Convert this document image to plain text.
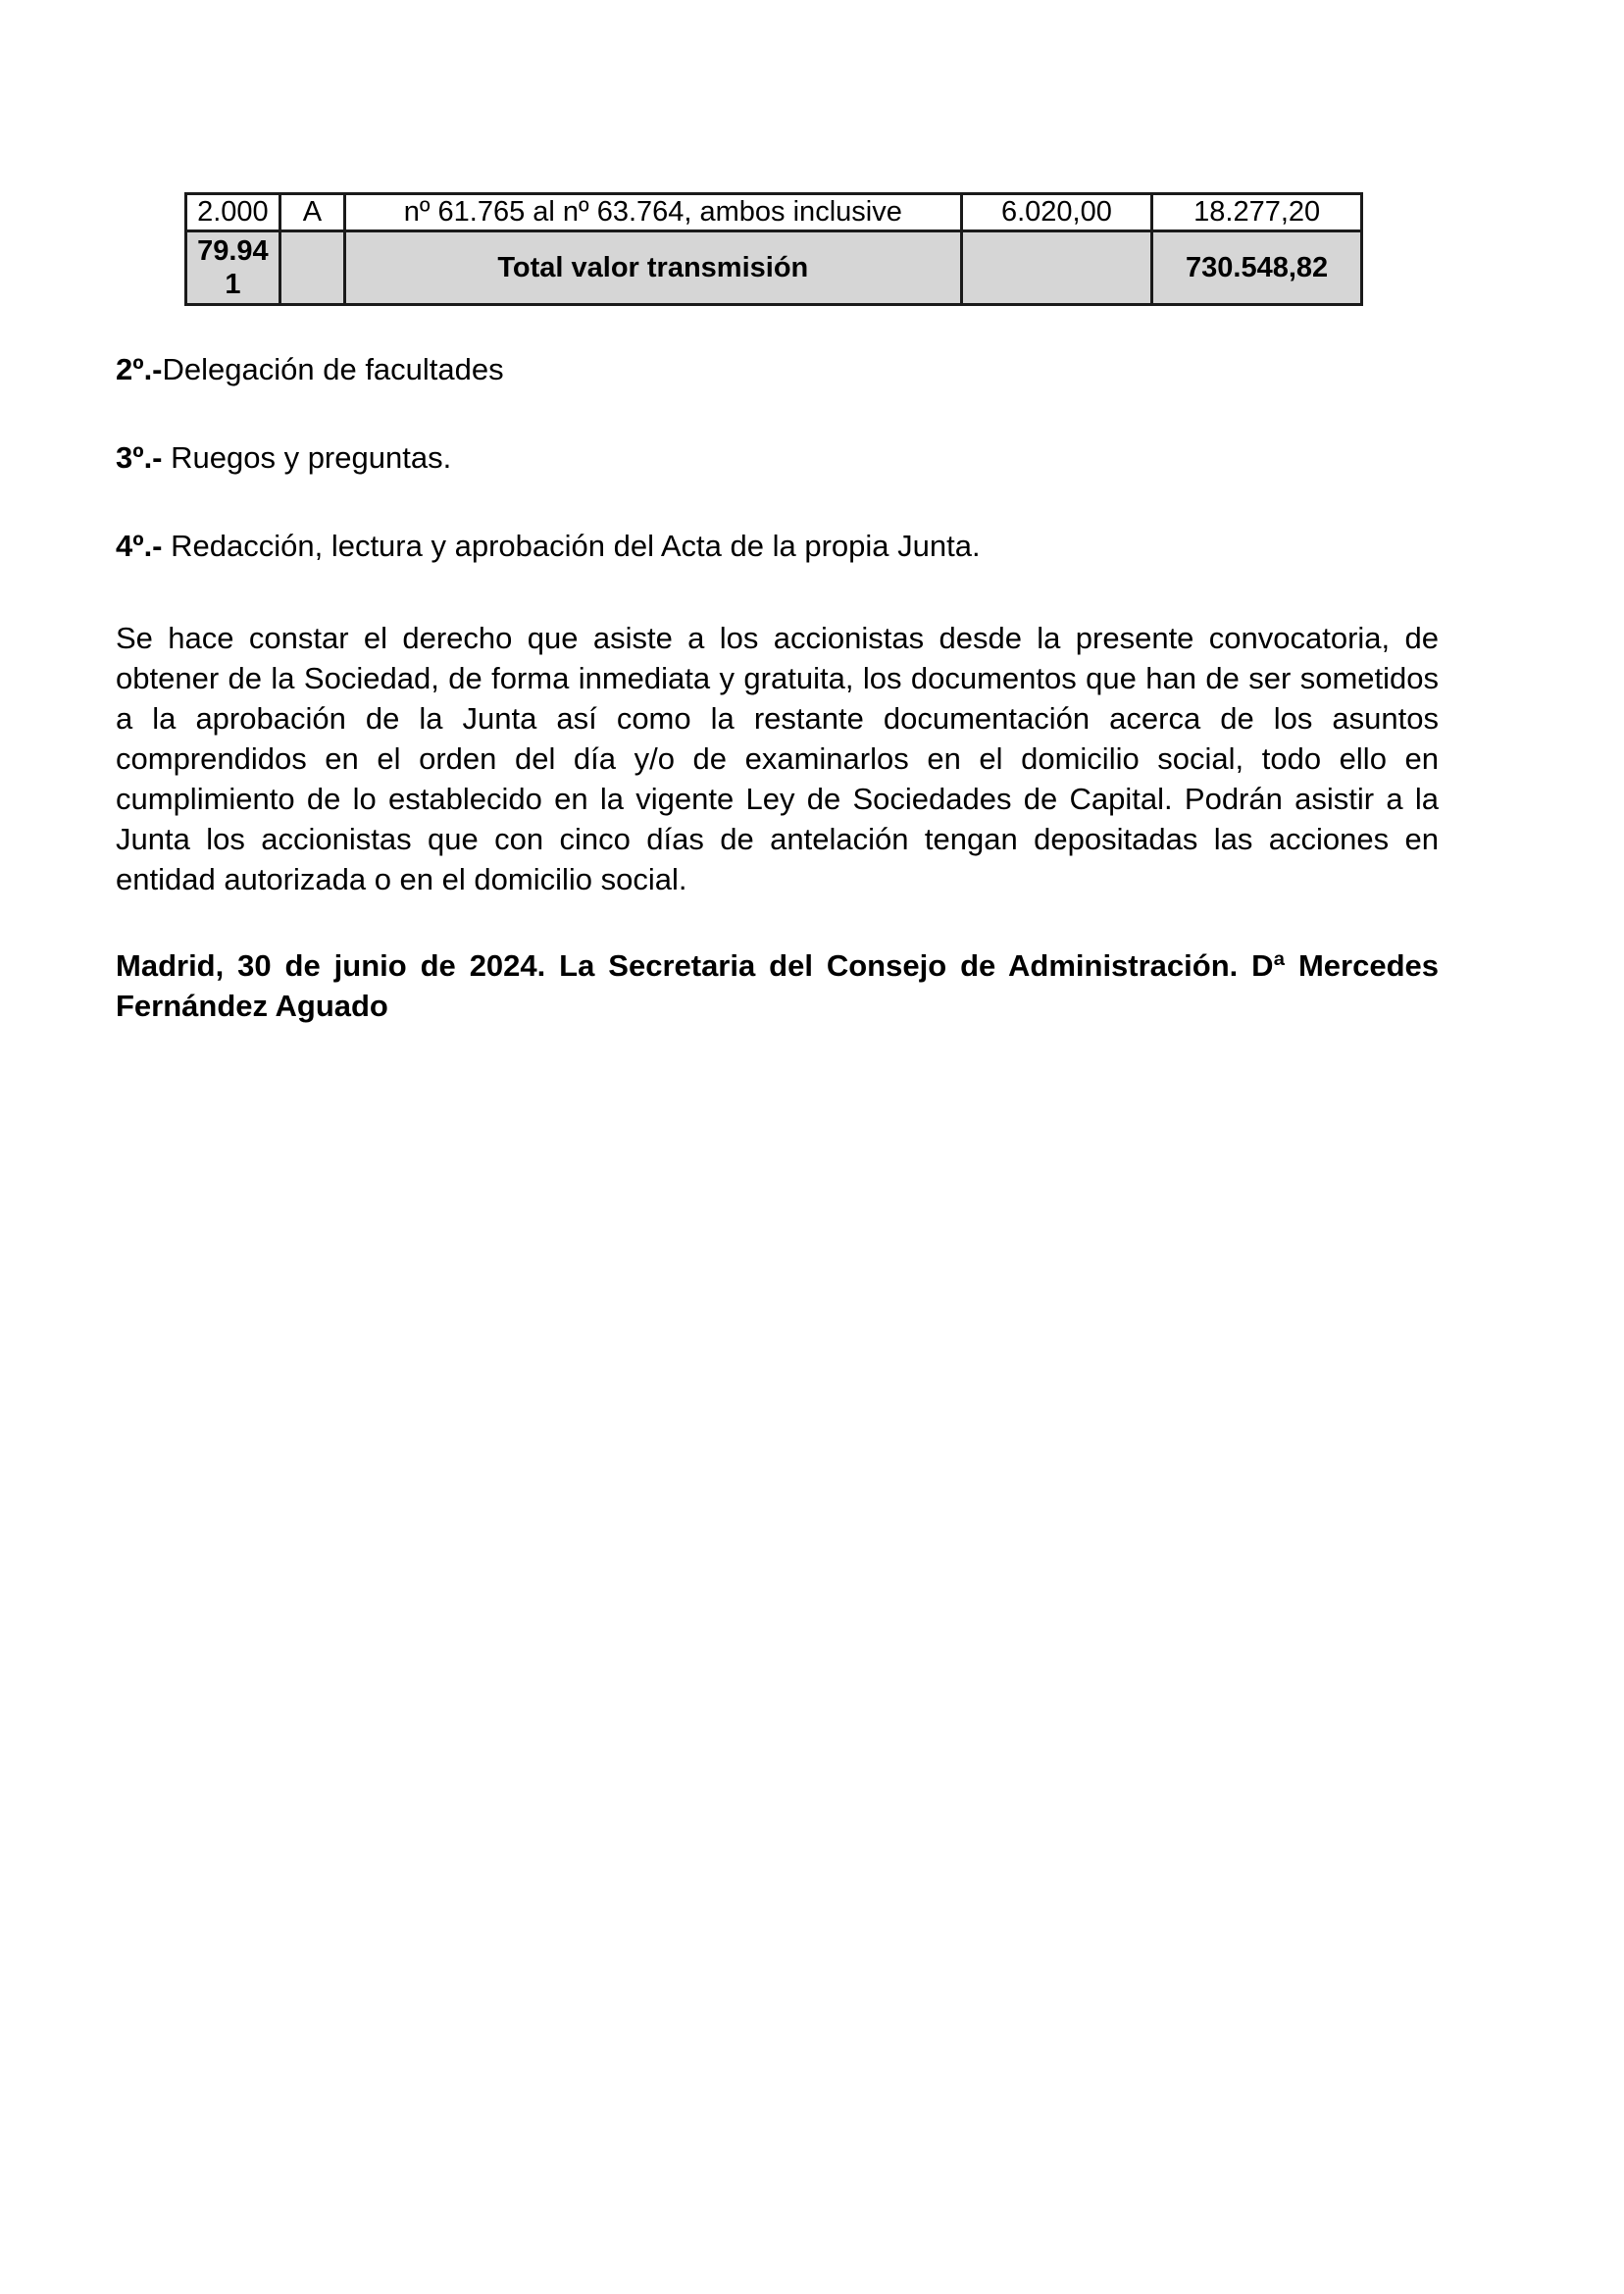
2.000	A	nº 61.765 al nº 63.764, ambos inclusive	6.020,00	18.277,20
79.94 1		Total valor transmisión		730.548,82

2º.-Delegación de facultades

3º.- Ruegos y preguntas.

4º.- Redacción, lectura y aprobación del Acta de la propia Junta.

Se hace constar el derecho que asiste a los accionistas desde la presente convocatoria, de obtener de la Sociedad, de forma inmediata y gratuita, los documentos que han de ser sometidos a la aprobación de la Junta así como la restante documentación acerca de los asuntos comprendidos en el orden del día y/o de examinarlos en el domicilio social, todo ello en cumplimiento de lo establecido en la vigente Ley de Sociedades de Capital. Podrán asistir a la Junta los accionistas que con cinco días de antelación tengan depositadas las acciones en entidad autorizada o en el domicilio social.

Madrid, 30 de junio de 2024. La Secretaria del Consejo de Administración. Dª Mercedes Fernández Aguado
